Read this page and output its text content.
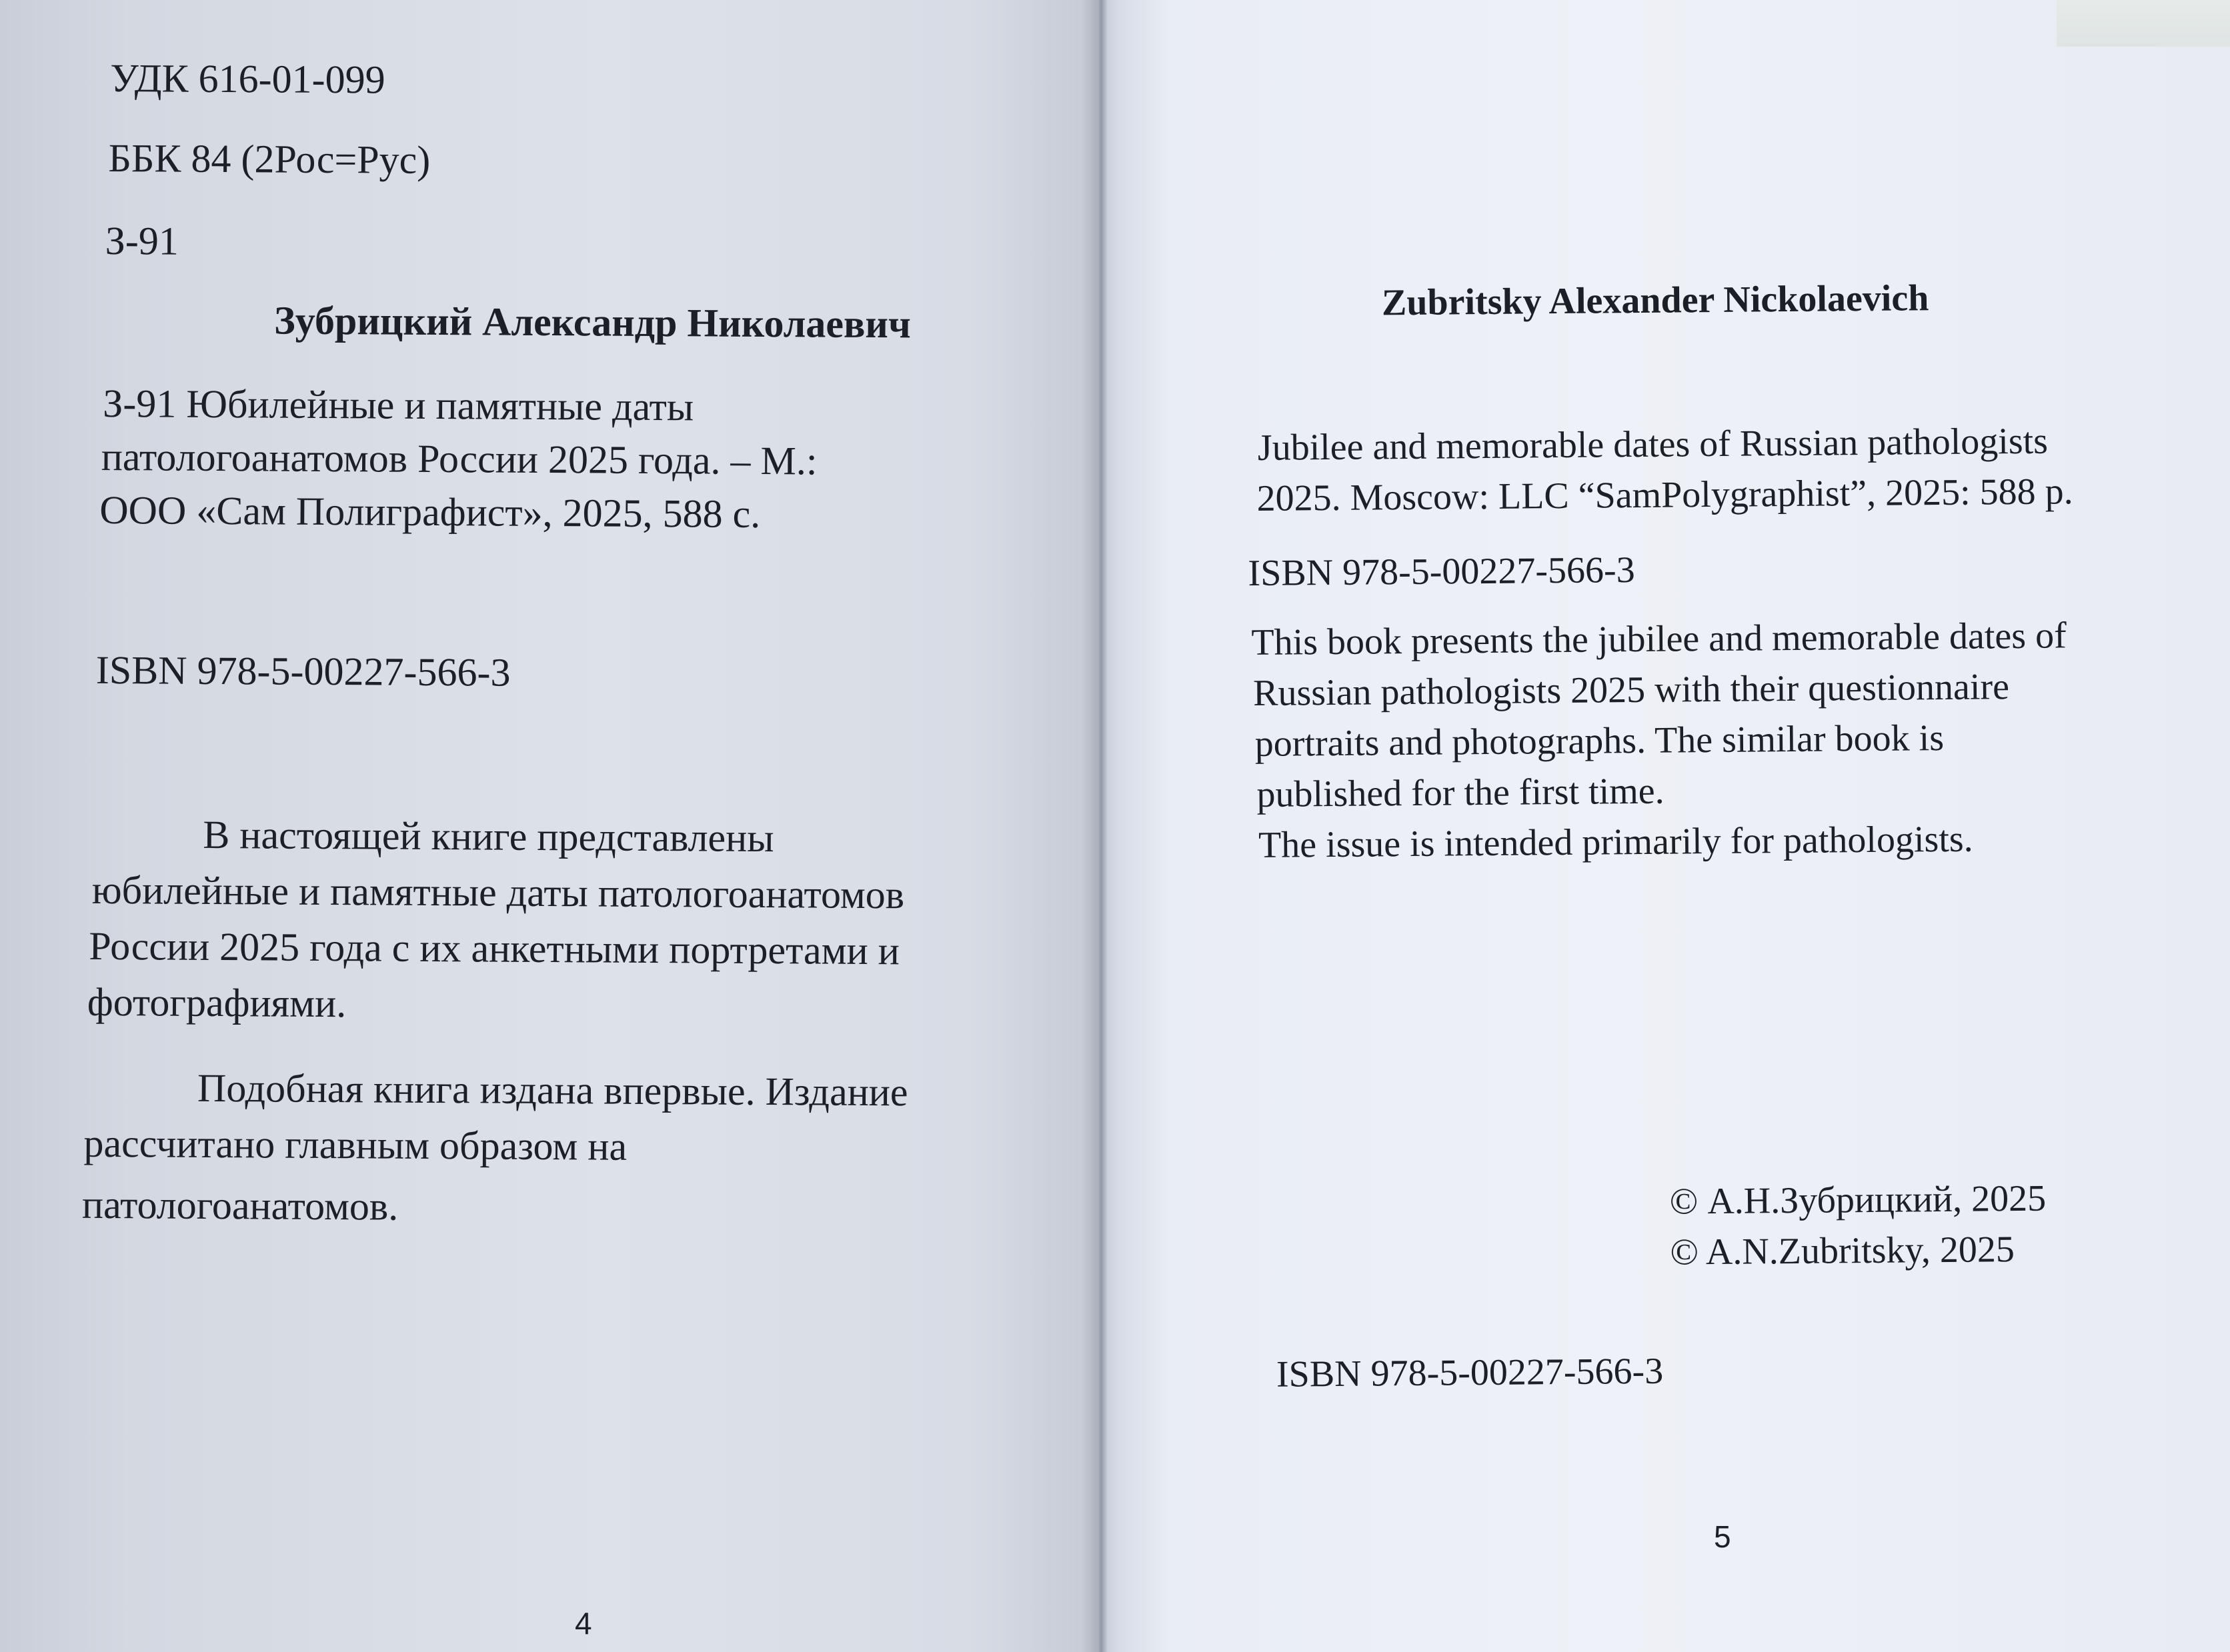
УДК 616-01-099
ББК 84 (2Рос=Рус)
З-91
Зубрицкий Александр Николаевич
З-91 Юбилейные и памятные даты
патологоанатомов России 2025 года. – М.:
ООО «Сам Полиграфист», 2025, 588 с.
ISBN 978-5-00227-566-3
В настоящей книге представлены
юбилейные и памятные даты патологоанатомов
России 2025 года с их анкетными портретами и
фотографиями.
Подобная книга издана впервые. Издание
рассчитано главным образом на
патологоанатомов.
4
Zubritsky Alexander Nickolaevich
Jubilee and memorable dates of Russian pathologists
2025. Moscow: LLC “SamPolygraphist”, 2025: 588 p.
ISBN 978-5-00227-566-3
This book presents the jubilee and memorable dates of
Russian pathologists 2025 with their questionnaire
portraits and photographs. The similar book is
published for the first time.
The issue is intended primarily for pathologists.
© А.Н.Зубрицкий, 2025
© A.N.Zubritsky, 2025
ISBN 978-5-00227-566-3
5
